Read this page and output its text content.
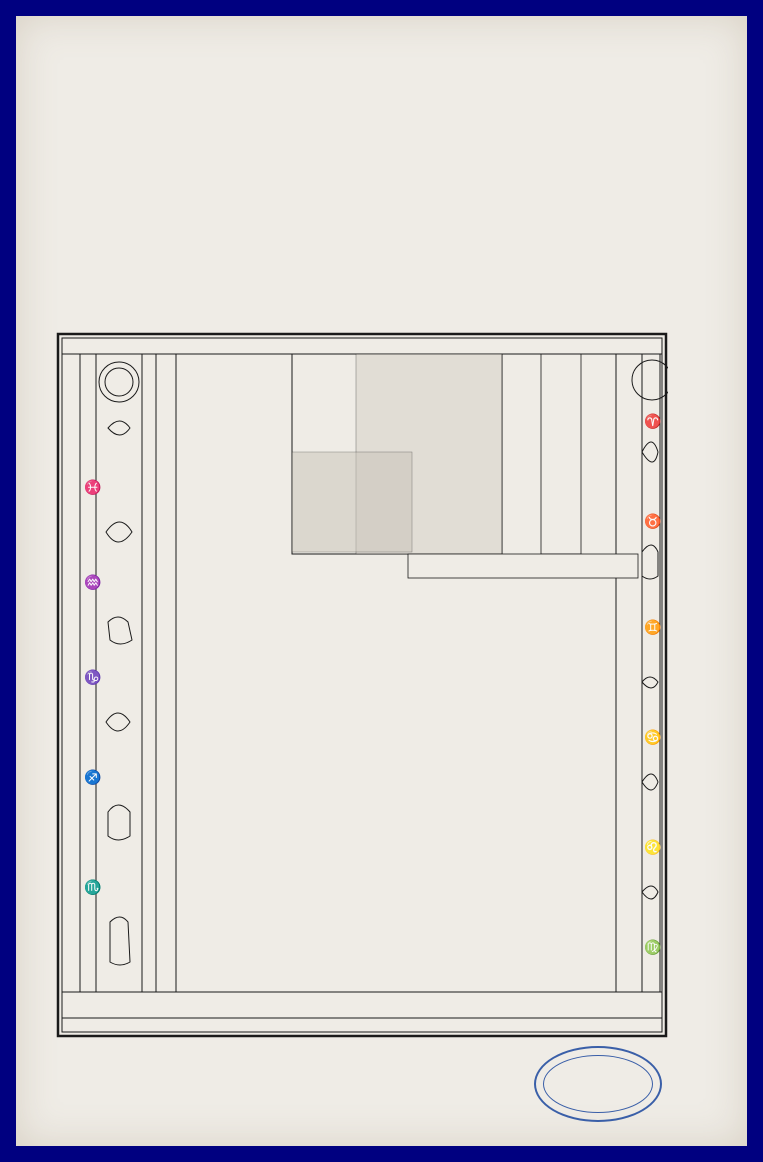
♓
♒
♑
♐
♏
♈
♉
♊
♋
♌
♍
